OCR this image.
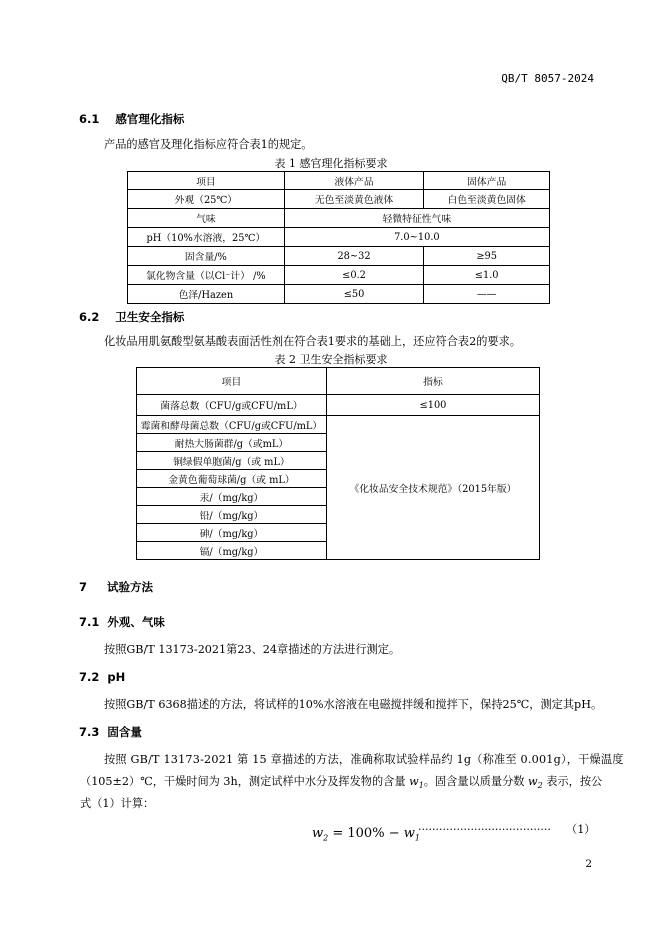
QB/T 8057-2024
6.1 感官理化指标
产品的感官及理化指标应符合表1的规定。
表 1 感官理化指标要求
项目	液体产品	固体产品
外观（25℃）	无色至淡黄色液体	白色至淡黄色固体
气味	轻微特征性气味	
pH（10%水溶液，25℃）	7.0~10.0	
固含量/%	28~32	≥95
氯化物含量（以Cl⁻计） /%	≤0.2	≤1.0
色泽/Hazen	≤50	——
6.2 卫生安全指标
化妆品用肌氨酸型氨基酸表面活性剂在符合表1要求的基础上，还应符合表2的要求。
表 2 卫生安全指标要求
项目	指标
菌落总数（CFU/g或CFU/mL）	≤100
霉菌和酵母菌总数（CFU/g或CFU/mL）	《化妆品安全技术规范》（2015年版）
耐热大肠菌群/g（或mL）	
铜绿假单胞菌/g（或 mL）	
金黄色葡萄球菌/g（或 mL）	
汞/（mg/kg）	
铅/（mg/kg）	
砷/（mg/kg）	
镉/（mg/kg）	
7 试验方法
7.1 外观、气味
按照GB/T 13173-2021第23、24章描述的方法进行测定。
7.2 pH
按照GB/T 6368描述的方法，将试样的10%水溶液在电磁搅拌缓和搅拌下，保持25℃，测定其pH。
7.3 固含量
按照 GB/T 13173-2021 第 15 章描述的方法，准确称取试验样品约 1g（称准至 0.001g），干燥温度
（105±2）℃，干燥时间为 3h，测定试样中水分及挥发物的含量 $w_1$。固含量以质量分数 $w_2$ 表示，按公
式（1）计算：
$w_2 = 100\% - w_1$
······································ （1）
2
